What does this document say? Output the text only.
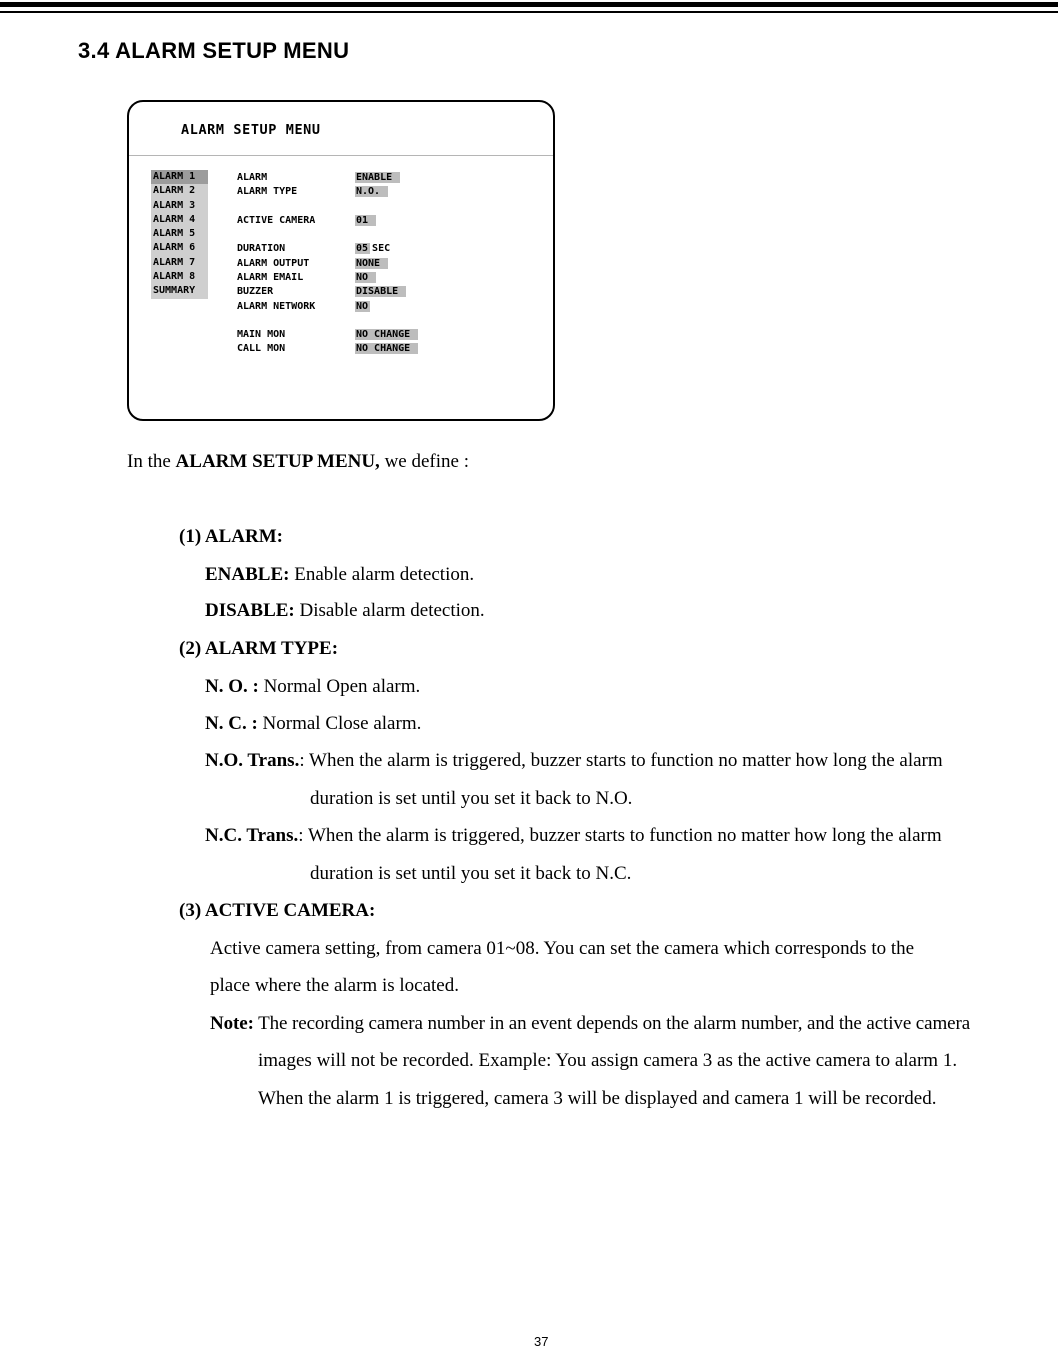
3.4 ALARM SETUP MENU
ALARM SETUP MENU
ALARM 1
ALARM 2
ALARM 3
ALARM 4
ALARM 5
ALARM 6
ALARM 7
ALARM 8
SUMMARY
ALARM	ENABLE
ALARM TYPE	N.O.
ACTIVE CAMERA	01
DURATION	05 SEC
ALARM OUTPUT	NONE
ALARM EMAIL	NO
BUZZER	DISABLE
ALARM NETWORK	NO
MAIN MON	NO CHANGE
CALL MON	NO CHANGE

In the ALARM SETUP MENU, we define :

(1) ALARM:

ENABLE: Enable alarm detection.

DISABLE: Disable alarm detection.

(2) ALARM TYPE:

N. O. : Normal Open alarm.

N. C. : Normal Close alarm.

N.O. Trans.: When the alarm is triggered, buzzer starts to function no matter how long the alarm

duration is set until you set it back to N.O.

N.C. Trans.: When the alarm is triggered, buzzer starts to function no matter how long the alarm

duration is set until you set it back to N.C.

(3) ACTIVE CAMERA:

Active camera setting, from camera 01~08. You can set the camera which corresponds to the

place where the alarm is located.

Note: The recording camera number in an event depends on the alarm number, and the active camera

images will not be recorded. Example: You assign camera 3 as the active camera to alarm 1.

When the alarm 1 is triggered, camera 3 will be displayed and camera 1 will be recorded.

37
